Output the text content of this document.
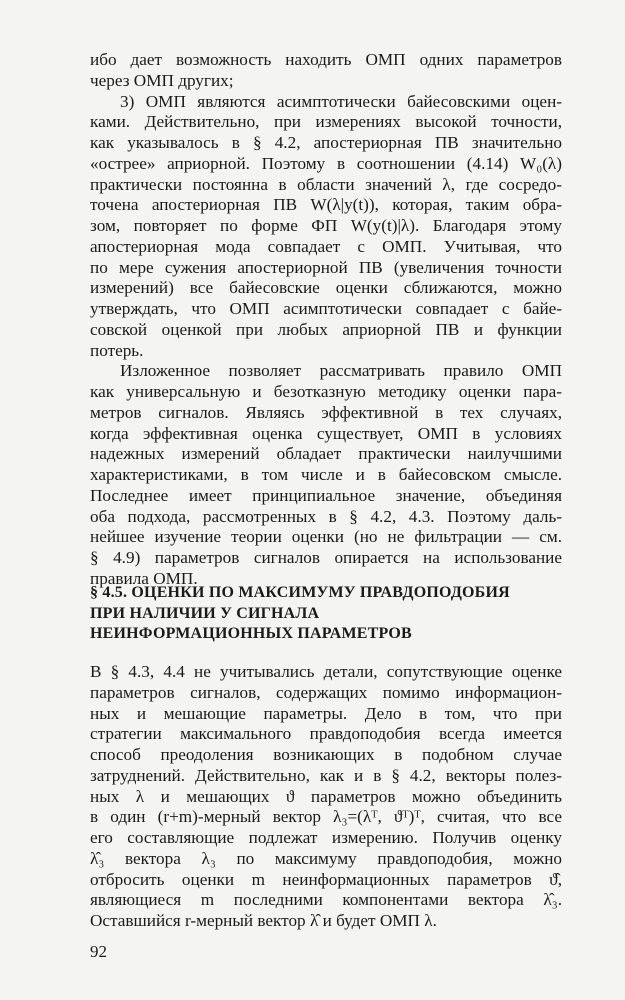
ибо дает возможность находить ОМП одних параметров
через ОМП других;
3) ОМП являются асимптотически байесовскими оцен-
ками. Действительно, при измерениях высокой точности,
как указывалось в § 4.2, апостериорная ПВ значительно
«острее» априорной. Поэтому в соотношении (4.14) W₀(λ)
практически постоянна в области значений λ, где сосредо-
точена апостериорная ПВ W(λ|y(t)), которая, таким обра-
зом, повторяет по форме ФП W(y(t)|λ). Благодаря этому
апостериорная мода совпадает с ОМП. Учитывая, что
по мере сужения апостериорной ПВ (увеличения точности
измерений) все байесовские оценки сближаются, можно
утверждать, что ОМП асимптотически совпадает с байе-
совской оценкой при любых априорной ПВ и функции
потерь.
Изложенное позволяет рассматривать правило ОМП
как универсальную и безотказную методику оценки пара-
метров сигналов. Являясь эффективной в тех случаях,
когда эффективная оценка существует, ОМП в условиях
надежных измерений обладает практически наилучшими
характеристиками, в том числе и в байесовском смысле.
Последнее имеет принципиальное значение, объединяя
оба подхода, рассмотренных в § 4.2, 4.3. Поэтому даль-
нейшее изучение теории оценки (но не фильтрации — см.
§ 4.9) параметров сигналов опирается на использование
правила ОМП.
§ 4.5. ОЦЕНКИ ПО МАКСИМУМУ ПРАВДОПОДОБИЯ
ПРИ НАЛИЧИИ У СИГНАЛА
НЕИНФОРМАЦИОННЫХ ПАРАМЕТРОВ
В § 4.3, 4.4 не учитывались детали, сопутствующие оценке
параметров сигналов, содержащих помимо информацион-
ных и мешающие параметры. Дело в том, что при
стратегии максимального правдоподобия всегда имеется
способ преодоления возникающих в подобном случае
затруднений. Действительно, как и в § 4.2, векторы полез-
ных λ и мешающих ϑ параметров можно объединить
в один (r+m)-мерный вектор λ₃=(λᵀ, ϑᵀ)ᵀ, считая, что все
его составляющие подлежат измерению. Получив оценку
λ̂₃ вектора λ₃ по максимуму правдоподобия, можно
отбросить оценки m неинформационных параметров ϑ̂,
являющиеся m последними компонентами вектора λ̂₃.
Оставшийся r-мерный вектор λ̂ и будет ОМП λ.
92
